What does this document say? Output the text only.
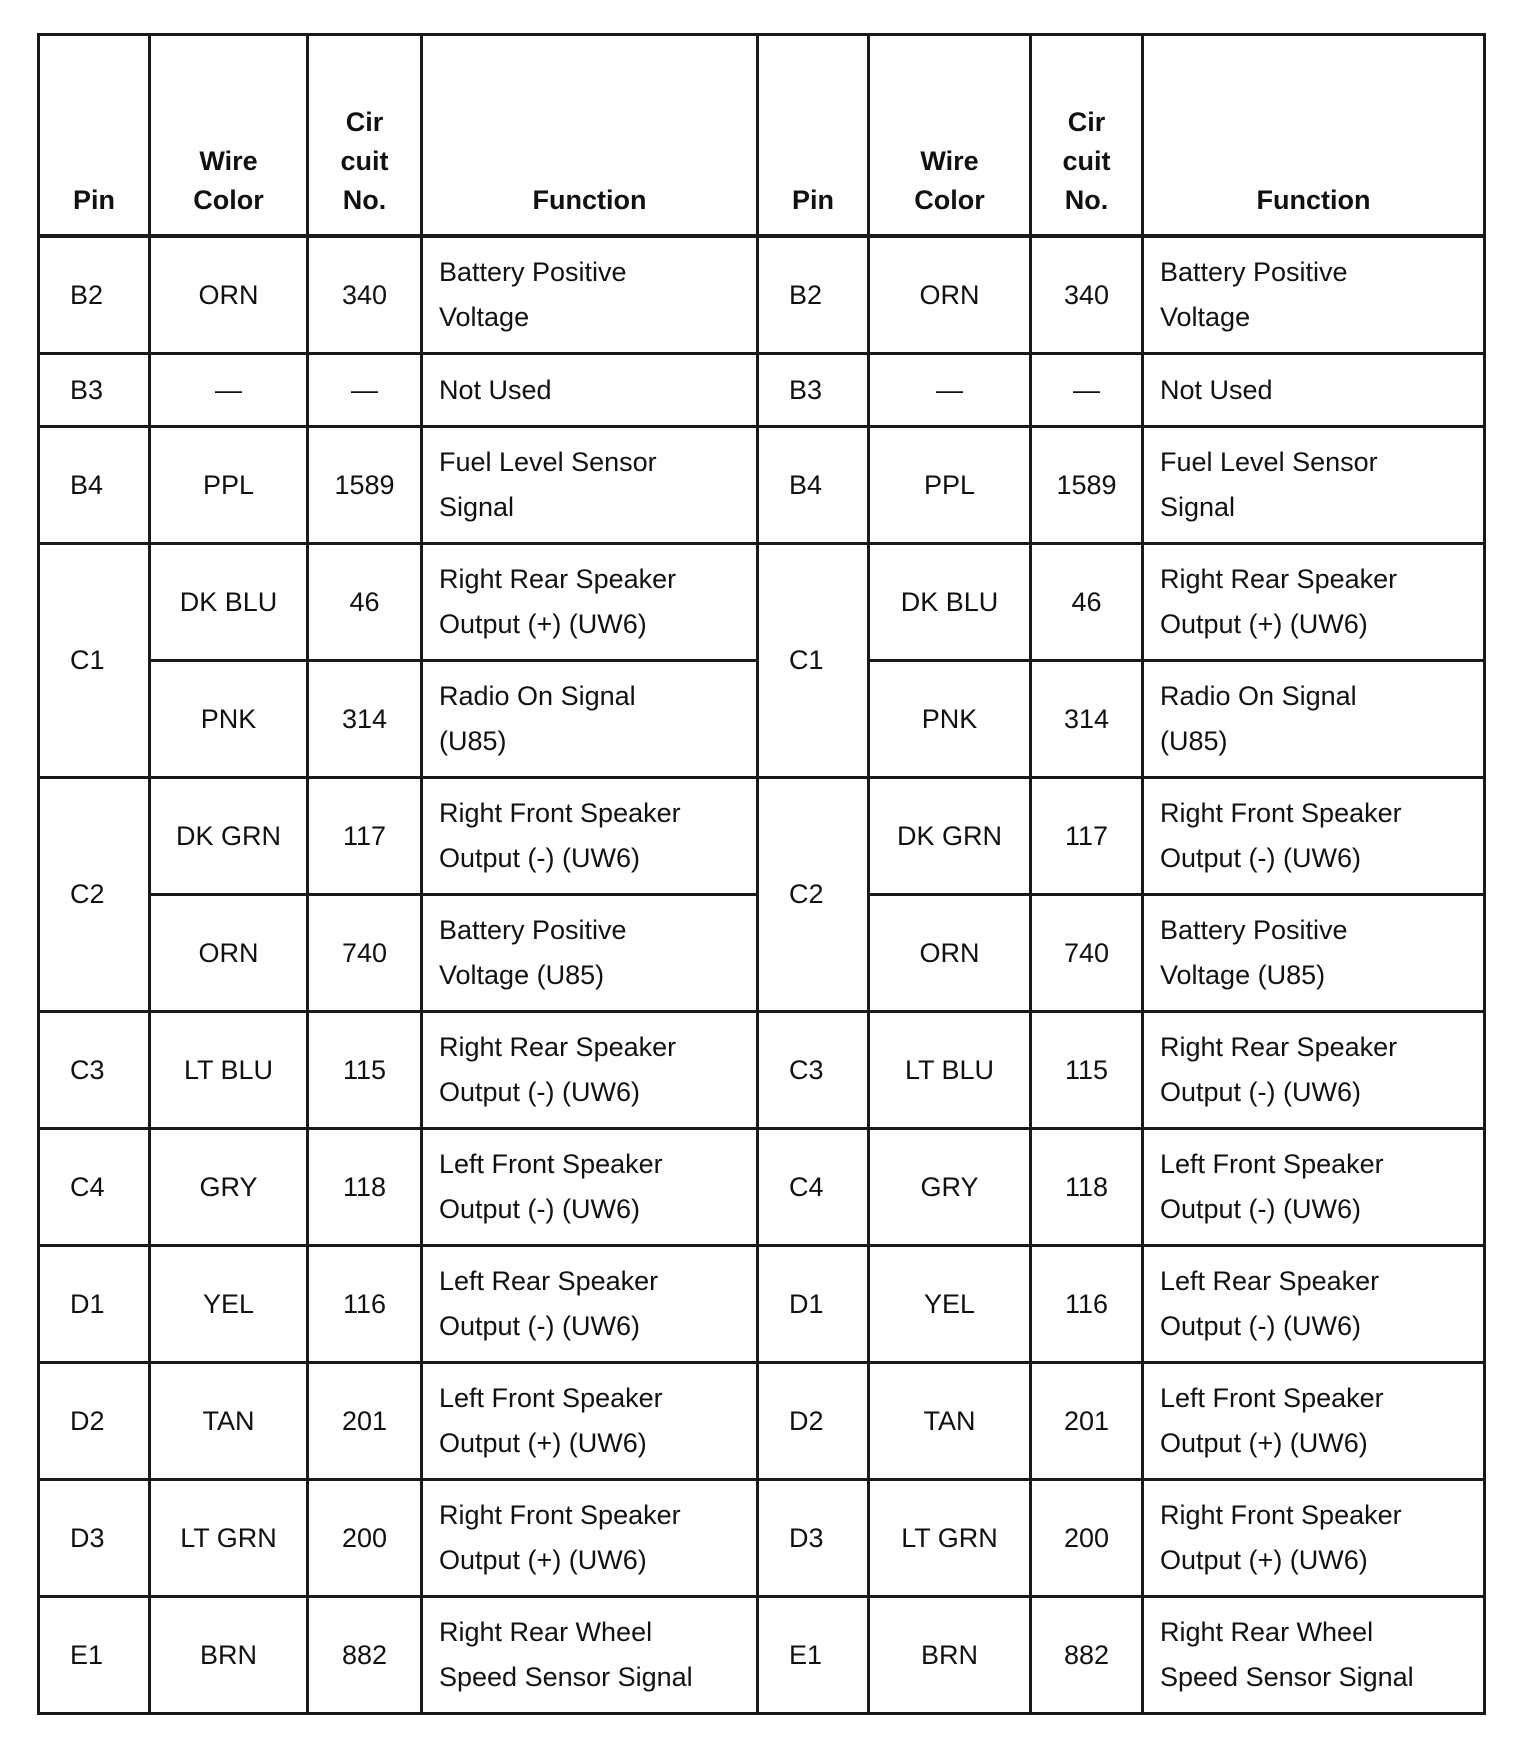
Pin	Wire
Color	Cir
cuit
No.	Function	Pin	Wire
Color	Cir
cuit
No.	Function

B2	ORN	340	Battery Positive
Voltage	B2	ORN	340	Battery Positive
Voltage

B3	—	—	Not Used	B3	—	—	Not Used

B4	PPL	1589	Fuel Level Sensor
Signal	B4	PPL	1589	Fuel Level Sensor
Signal

C1	DK BLU	46	Right Rear Speaker
Output (+) (UW6)	C1	DK BLU	46	Right Rear Speaker
Output (+) (UW6)

	PNK	314	Radio On Signal
(U85)		PNK	314	Radio On Signal
(U85)

C2	DK GRN	117	Right Front Speaker
Output (-) (UW6)	C2	DK GRN	117	Right Front Speaker
Output (-) (UW6)

	ORN	740	Battery Positive
Voltage (U85)		ORN	740	Battery Positive
Voltage (U85)

C3	LT BLU	115	Right Rear Speaker
Output (-) (UW6)	C3	LT BLU	115	Right Rear Speaker
Output (-) (UW6)

C4	GRY	118	Left Front Speaker
Output (-) (UW6)	C4	GRY	118	Left Front Speaker
Output (-) (UW6)

D1	YEL	116	Left Rear Speaker
Output (-) (UW6)	D1	YEL	116	Left Rear Speaker
Output (-) (UW6)

D2	TAN	201	Left Front Speaker
Output (+) (UW6)	D2	TAN	201	Left Front Speaker
Output (+) (UW6)

D3	LT GRN	200	Right Front Speaker
Output (+) (UW6)	D3	LT GRN	200	Right Front Speaker
Output (+) (UW6)

E1	BRN	882	Right Rear Wheel
Speed Sensor Signal	E1	BRN	882	Right Rear Wheel
Speed Sensor Signal
